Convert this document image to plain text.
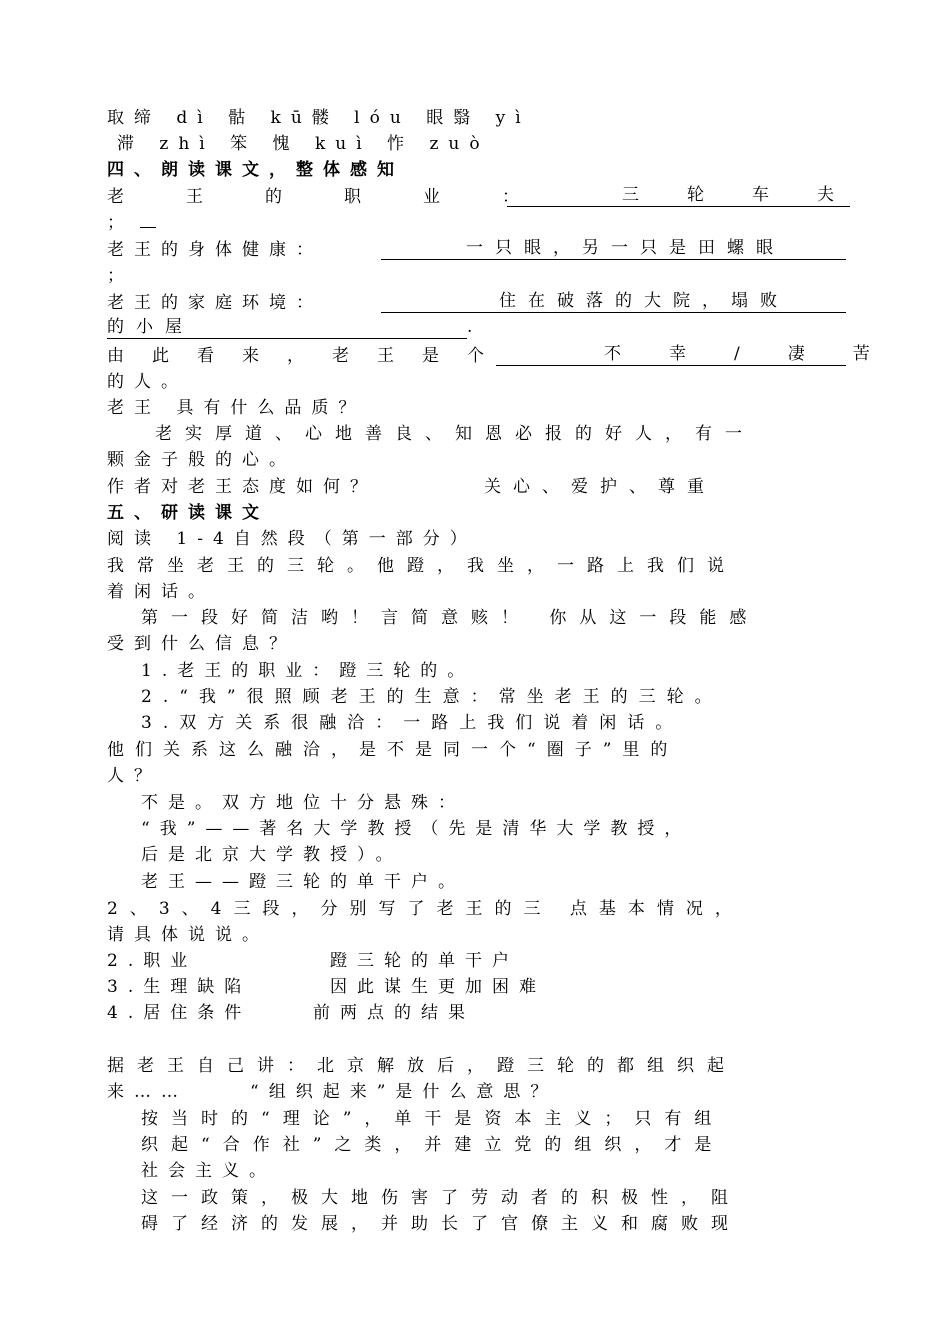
取缔 dì 骷 kū髅 lóu 眼翳 yì
滞 zhì 笨 愧 kuì 怍 zuò
四、朗读课文，整体感知
老王的职业：	三轮车夫
；
老王的身体健康：	一只眼，另一只是田螺眼
；
老王的家庭环境：	住在破落的大院，塌败
的小屋	.
由此看来，老王是个	不幸/凄苦
的人。
老王 具有什么品质？
老实厚道、心地善良、知恩必报的好人，有一
颗金子般的心。
作者对老王态度如何？	关心、爱护、尊重
五、研读课文
阅读 1-4自然段（第一部分）
我常坐老王的三轮。他蹬，我坐，一路上我们说
着闲话。
第一段好简洁哟！言简意赅！ 你从这一段能感
受到什么信息？
1.老王的职业：蹬三轮的。
2.“我”很照顾老王的生意：常坐老王的三轮。
3.双方关系很融洽：一路上我们说着闲话。
他们关系这么融洽，是不是同一个“圈子”里的
人？
不是。双方地位十分悬殊：
“我”——著名大学教授（先是清华大学教授，
后是北京大学教授）。
老王——蹬三轮的单干户。
2、3、4三段，分别写了老王的三 点基本情况，
请具体说说。
2.职业	蹬三轮的单干户
3.生理缺陷	因此谋生更加困难
4.居住条件	前两点的结果
据老王自己讲：北京解放后，蹬三轮的都组织起
来……	“组织起来”是什么意思？
按当时的“理论”，单干是资本主义；只有组
织起“合作社”之类，并建立党的组织，才是
社会主义。
这一政策，极大地伤害了劳动者的积极性，阻
碍了经济的发展，并助长了官僚主义和腐败现
